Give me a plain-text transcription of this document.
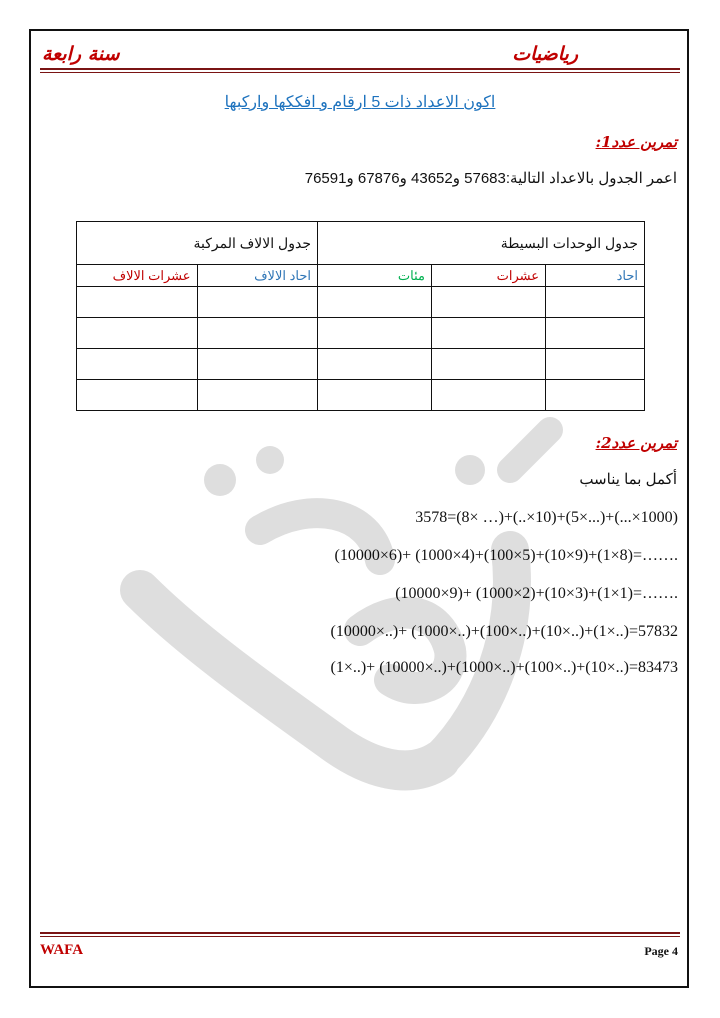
سنة رابعة	رياضيات
اكون الاعداد ذات 5 ارقام و افككها واركبها
تمرين عدد1:
اعمر الجدول بالاعداد التالية:57683 و43652 و67876 و76591
جدول الالاف المركبة		جدول الوحدات البسيطة		
عشرات الالاف	احاد الالاف	مئات	عشرات	احاد

تمرين عدد2:
أكمل بما يناسب
3578=(8× …)+(..×10)+(5×...)+(...×1000)
(10000×6)+ (1000×4)+(100×5)+(10×9)+(1×8)=…….
(10000×9)+ (1000×2)+(10×3)+(1×1)=…….
(10000×..)+ (1000×..)+(100×..)+(10×..)+(1×..)=57832
(1×..)+ (10000×..)+(1000×..)+(100×..)+(10×..)=83473
WAFA	Page 4
